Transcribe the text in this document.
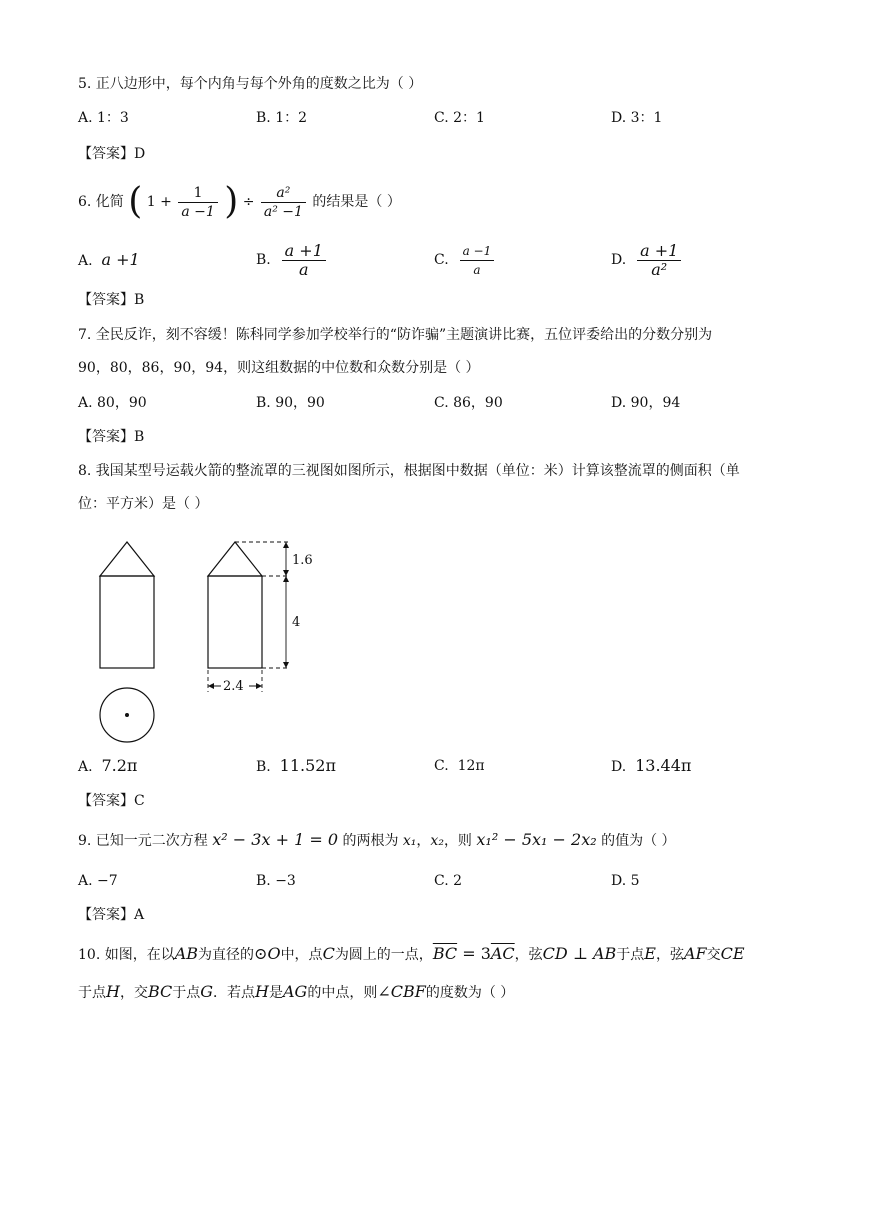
5. 正八边形中，每个内角与每个外角的度数之比为（ ）
A. 1：3	B. 1：2	C. 2：1	D. 3：1
【答案】D
6. 化简 ( $1 + \frac{1}{a -1}$ ) ÷ $\frac{\text{a²}}{\text{a² −1}}$ 的结果是（ ）
A. a +1	B. $\frac{a +1}{a}$	C. $\frac{a -1}{a}$	D. $\frac{a +1}{\text{a²}}$
【答案】B
7. 全民反诈，刻不容缓！陈科同学参加学校举行的“防诈骗”主题演讲比赛，五位评委给出的分数分别为
90，80，86，90，94，则这组数据的中位数和众数分别是（ ）
A. 80，90	B. 90，90	C. 86，90	D. 90，94
【答案】B
8. 我国某型号运载火箭的整流罩的三视图如图所示，根据图中数据（单位：米）计算该整流罩的侧面积（单
位：平方米）是（ ）
1.6
4
2.4
A. 7.2π	B. 11.52π	C. 12π	D. 13.44π
【答案】C
9. 已知一元二次方程 x² − 3x + 1 = 0 的两根为 x₁，x₂，则 x₁² − 5x₁ − 2x₂ 的值为（ ）
A. −7	B. −3	C. 2	D. 5
【答案】A
10. 如图，在以AB为直径的⊙O中，点C为圆上的一点，$\overline{BC} = 3\overline{AC}$，弦CD ⊥ AB于点E，弦AF交CE
于点H，交BC于点G．若点H是AG的中点，则∠CBF的度数为（ ）
